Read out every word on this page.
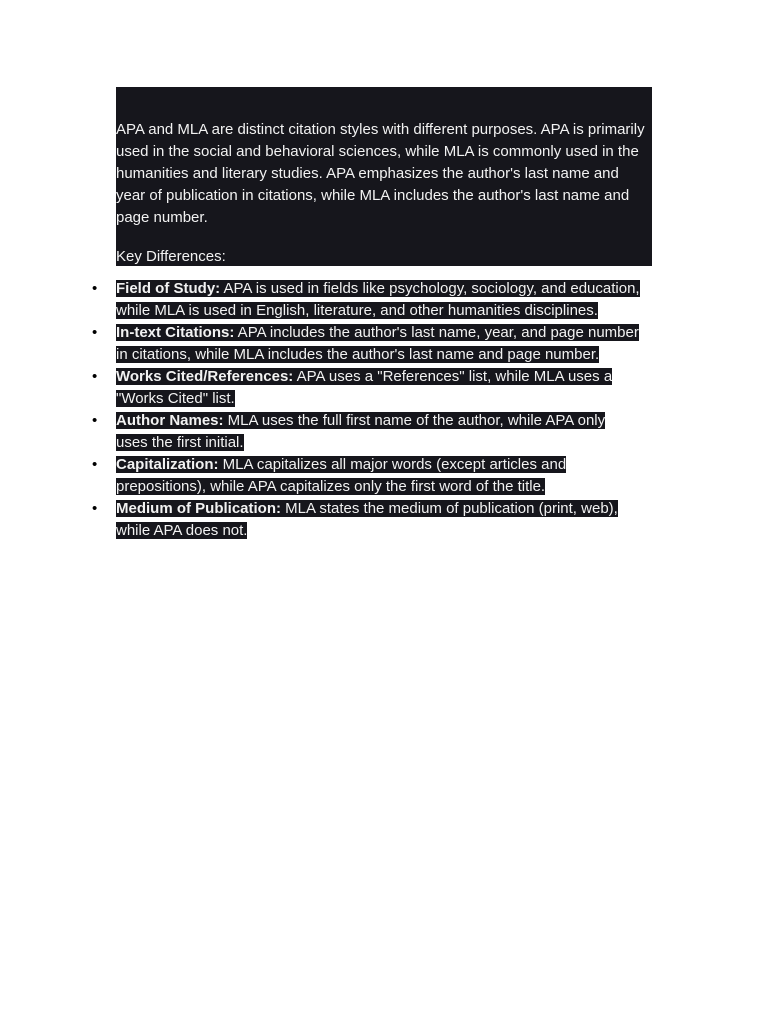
APA and MLA are distinct citation styles with different purposes. APA is primarily used in the social and behavioral sciences, while MLA is commonly used in the humanities and literary studies. APA emphasizes the author's last name and year of publication in citations, while MLA includes the author's last name and page number.

Key Differences:

• Field of Study: APA is used in fields like psychology, sociology, and education, while MLA is used in English, literature, and other humanities disciplines.
• In-text Citations: APA includes the author's last name, year, and page number in citations, while MLA includes the author's last name and page number.
• Works Cited/References: APA uses a "References" list, while MLA uses a "Works Cited" list.
• Author Names: MLA uses the full first name of the author, while APA only uses the first initial.
• Capitalization: MLA capitalizes all major words (except articles and prepositions), while APA capitalizes only the first word of the title.
• Medium of Publication: MLA states the medium of publication (print, web), while APA does not.
